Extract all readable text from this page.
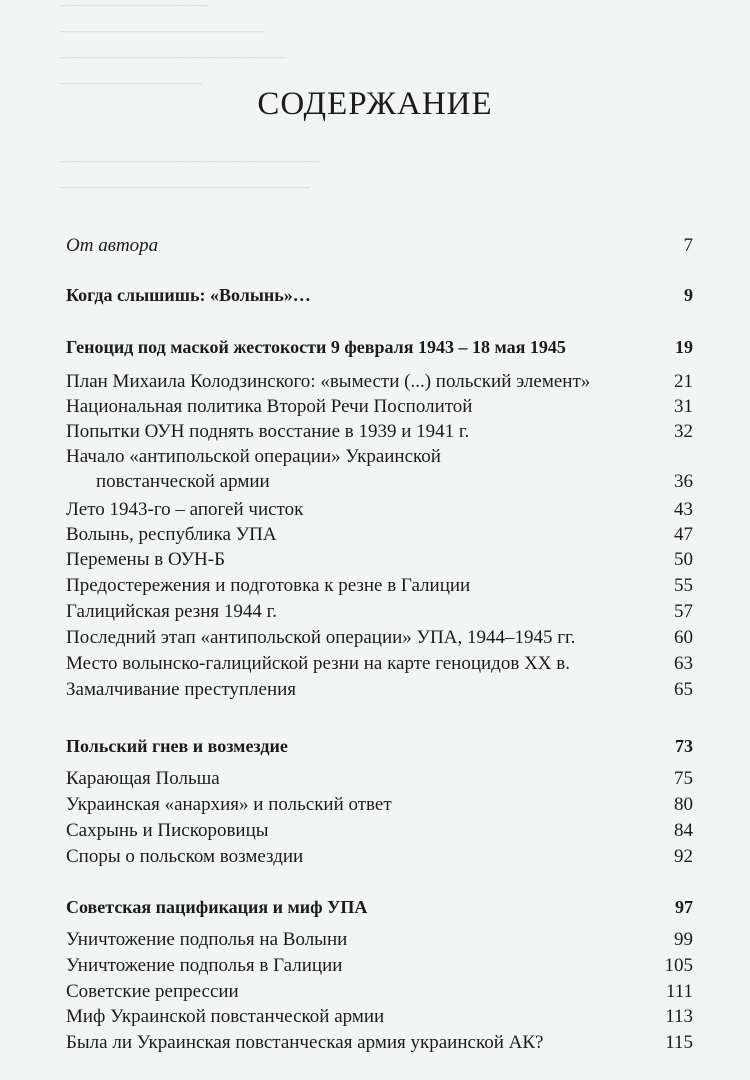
‾‾‾‾‾‾‾‾‾‾‾‾‾‾‾‾‾‾‾‾‾‾‾‾‾‾
‾‾‾‾‾‾‾‾‾‾‾‾‾‾‾‾‾‾‾‾‾‾‾‾‾‾‾‾‾‾‾‾‾‾‾‾
‾‾‾‾‾‾‾‾‾‾‾‾‾‾‾‾‾‾‾‾‾‾‾‾‾‾‾‾‾‾‾‾‾‾‾‾‾‾‾‾
‾‾‾‾‾‾‾‾‾‾‾‾‾‾‾‾‾‾‾‾‾‾‾‾‾
‾‾‾‾‾‾‾‾‾‾‾‾‾‾‾‾‾‾‾‾‾‾‾‾‾‾‾‾‾‾‾‾‾‾‾‾‾‾‾‾‾‾‾‾‾‾
‾‾‾‾‾‾‾‾‾‾‾‾‾‾‾‾‾‾‾‾‾‾‾‾‾‾‾‾‾‾‾‾‾‾‾‾‾‾‾‾‾‾‾‾
СОДЕРЖАНИЕ
От автора	7
Когда слышишь: «Волынь»…	9
Геноцид под маской жестокости 9 февраля 1943 – 18 мая 1945	19
План Михаила Колодзинского: «вымести (...) польский элемент»	21
Национальная политика Второй Речи Посполитой	31
Попытки ОУН поднять восстание в 1939 и 1941 г.	32
Начало «антипольской операции» Украинской
повстанческой армии	36
Лето 1943-го – апогей чисток	43
Волынь, республика УПА	47
Перемены в ОУН-Б	50
Предостережения и подготовка к резне в Галиции	55
Галицийская резня 1944 г.	57
Последний этап «антипольской операции» УПА, 1944–1945 гг.	60
Место волынско-галицийской резни на карте геноцидов XX в.	63
Замалчивание преступления	65
Польский гнев и возмездие	73
Карающая Польша	75
Украинская «анархия» и польский ответ	80
Сахрынь и Пискоровицы	84
Споры о польском возмездии	92
Советская пацификация и миф УПА	97
Уничтожение подполья на Волыни	99
Уничтожение подполья в Галиции	105
Советские репрессии	111
Миф Украинской повстанческой армии	113
Была ли Украинская повстанческая армия украинской АК?	115
